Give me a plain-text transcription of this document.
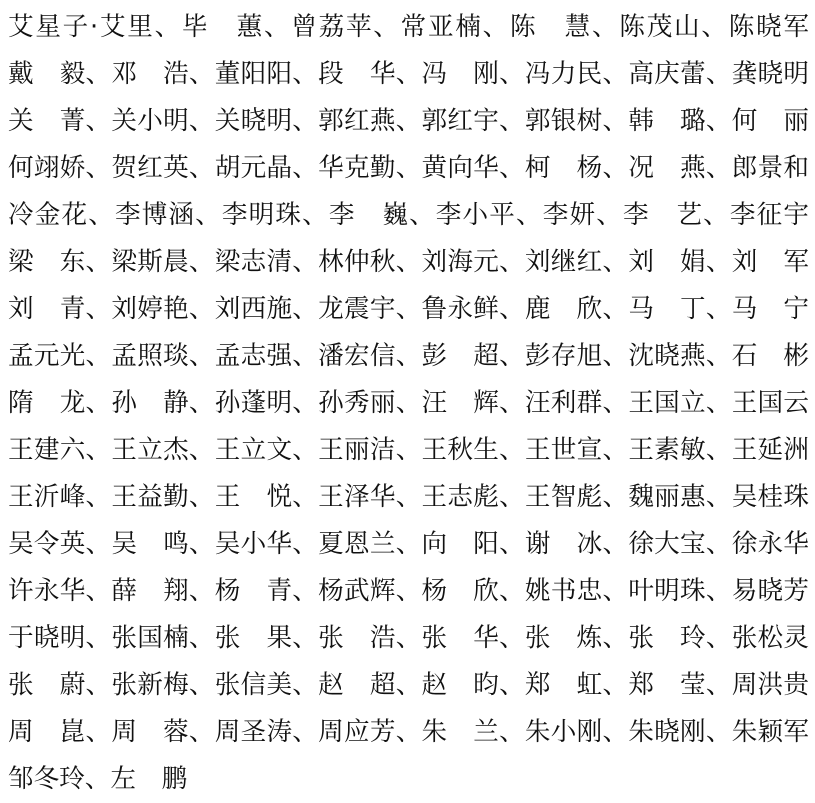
艾星子·艾里、毕　蕙、曾荔苹、常亚楠、陈　慧、陈茂山、陈晓军
戴　毅、邓　浩、董阳阳、段　华、冯　刚、冯力民、高庆蕾、龚晓明
关　菁、关小明、关晓明、郭红燕、郭红宇、郭银树、韩　璐、何　丽
何翊娇、贺红英、胡元晶、华克勤、黄向华、柯　杨、况　燕、郎景和
冷金花、李博涵、李明珠、李　巍、李小平、李妍、李　艺、李征宇
梁　东、梁斯晨、梁志清、林仲秋、刘海元、刘继红、刘　娟、刘　军
刘　青、刘婷艳、刘西施、龙震宇、鲁永鲜、鹿　欣、马　丁、马　宁
孟元光、孟照琰、孟志强、潘宏信、彭　超、彭存旭、沈晓燕、石　彬
隋　龙、孙　静、孙蓬明、孙秀丽、汪　辉、汪利群、王国立、王国云
王建六、王立杰、王立文、王丽洁、王秋生、王世宣、王素敏、王延洲
王沂峰、王益勤、王　悦、王泽华、王志彪、王智彪、魏丽惠、吴桂珠
吴令英、吴　鸣、吴小华、夏恩兰、向　阳、谢　冰、徐大宝、徐永华
许永华、薛　翔、杨　青、杨武辉、杨　欣、姚书忠、叶明珠、易晓芳
于晓明、张国楠、张　果、张　浩、张　华、张　炼、张　玲、张松灵
张　蔚、张新梅、张信美、赵　超、赵　昀、郑　虹、郑　莹、周洪贵
周　崑、周　蓉、周圣涛、周应芳、朱　兰、朱小刚、朱晓刚、朱颖军
邹冬玲、左　鹏
